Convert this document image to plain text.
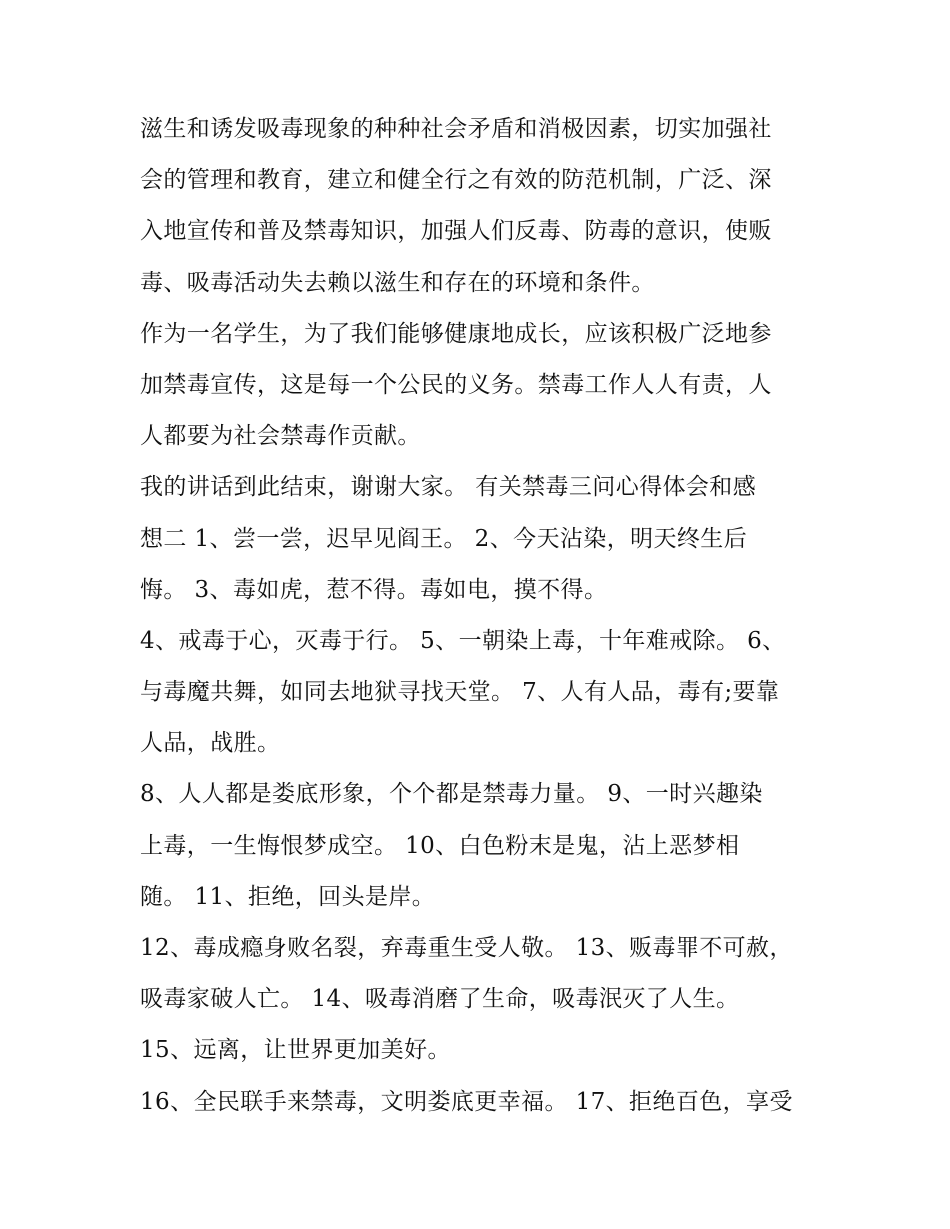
滋生和诱发吸毒现象的种种社会矛盾和消极因素，切实加强社
会的管理和教育，建立和健全行之有效的防范机制，广泛、深
入地宣传和普及禁毒知识，加强人们反毒、防毒的意识，使贩
毒、吸毒活动失去赖以滋生和存在的环境和条件。
作为一名学生，为了我们能够健康地成长，应该积极广泛地参
加禁毒宣传，这是每一个公民的义务。禁毒工作人人有责，人
人都要为社会禁毒作贡献。
我的讲话到此结束，谢谢大家。 有关禁毒三问心得体会和感
想二 1、尝一尝，迟早见阎王。 2、今天沾染，明天终生后
悔。 3、毒如虎，惹不得。毒如电，摸不得。
4、戒毒于心，灭毒于行。 5、一朝染上毒，十年难戒除。 6、
与毒魔共舞，如同去地狱寻找天堂。 7、人有人品，毒有;要靠
人品，战胜。
8、人人都是娄底形象，个个都是禁毒力量。 9、一时兴趣染
上毒，一生悔恨梦成空。 10、白色粉末是鬼，沾上恶梦相
随。 11、拒绝，回头是岸。
12、毒成瘾身败名裂，弃毒重生受人敬。 13、贩毒罪不可赦，
吸毒家破人亡。 14、吸毒消磨了生命，吸毒泯灭了人生。
15、远离，让世界更加美好。
16、全民联手来禁毒，文明娄底更幸福。 17、拒绝百色，享受
